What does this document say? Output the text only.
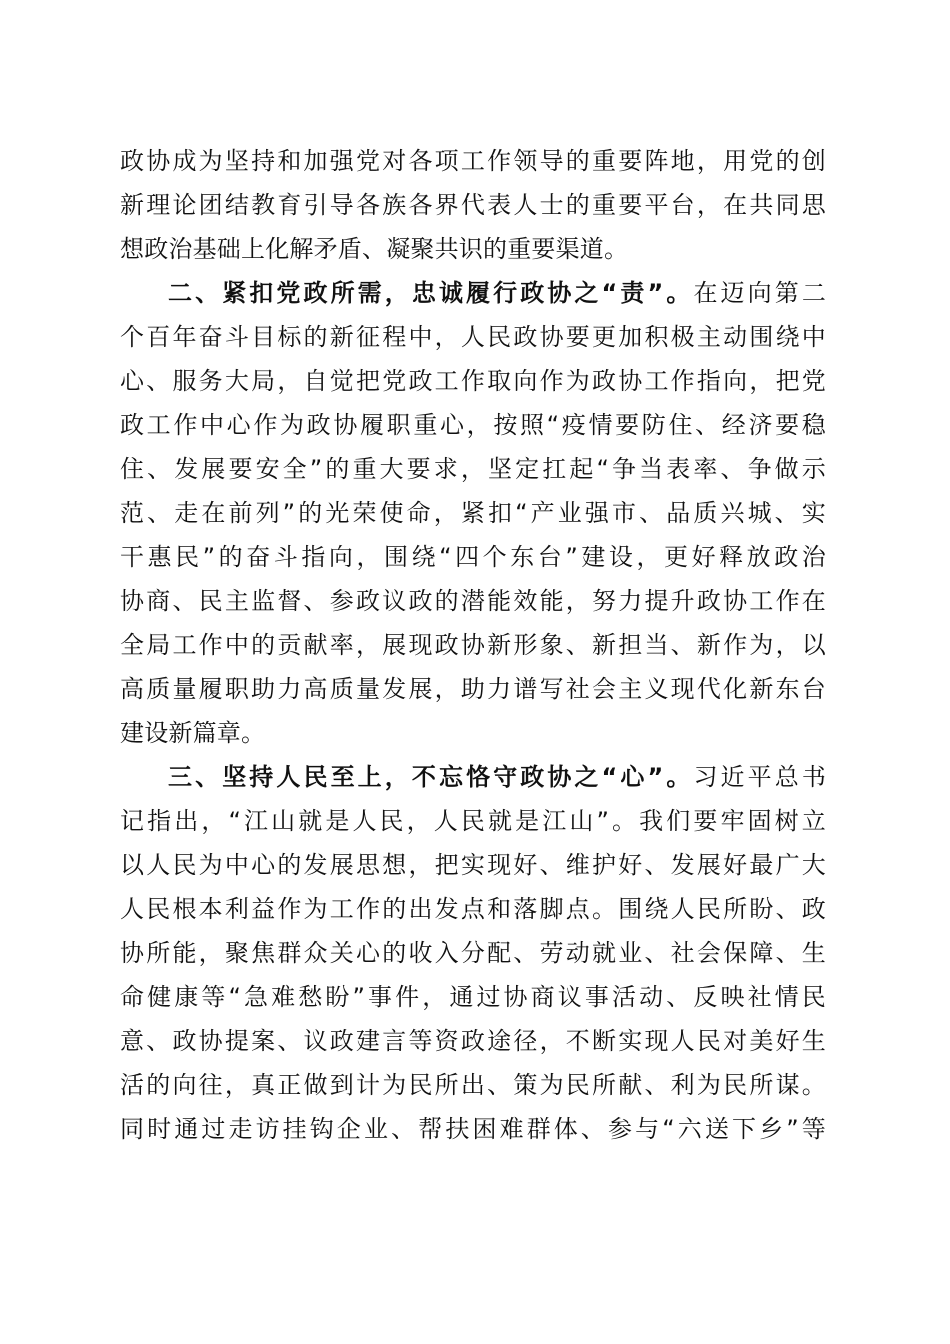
政协成为坚持和加强党对各项工作领导的重要阵地，用党的创
新理论团结教育引导各族各界代表人士的重要平台，在共同思
想政治基础上化解矛盾、凝聚共识的重要渠道。
二、紧扣党政所需，忠诚履行政协之“责”。在迈向第二
个百年奋斗目标的新征程中，人民政协要更加积极主动围绕中
心、服务大局，自觉把党政工作取向作为政协工作指向，把党
政工作中心作为政协履职重心，按照“疫情要防住、经济要稳
住、发展要安全”的重大要求，坚定扛起“争当表率、争做示
范、走在前列”的光荣使命，紧扣“产业强市、品质兴城、实
干惠民”的奋斗指向，围绕“四个东台”建设，更好释放政治
协商、民主监督、参政议政的潜能效能，努力提升政协工作在
全局工作中的贡献率，展现政协新形象、新担当、新作为，以
高质量履职助力高质量发展，助力谱写社会主义现代化新东台
建设新篇章。
三、坚持人民至上，不忘恪守政协之“心”。习近平总书
记指出，“江山就是人民，人民就是江山”。我们要牢固树立
以人民为中心的发展思想，把实现好、维护好、发展好最广大
人民根本利益作为工作的出发点和落脚点。围绕人民所盼、政
协所能，聚焦群众关心的收入分配、劳动就业、社会保障、生
命健康等“急难愁盼”事件，通过协商议事活动、反映社情民
意、政协提案、议政建言等资政途径，不断实现人民对美好生
活的向往，真正做到计为民所出、策为民所献、利为民所谋。
同时通过走访挂钩企业、帮扶困难群体、参与“六送下乡”等
